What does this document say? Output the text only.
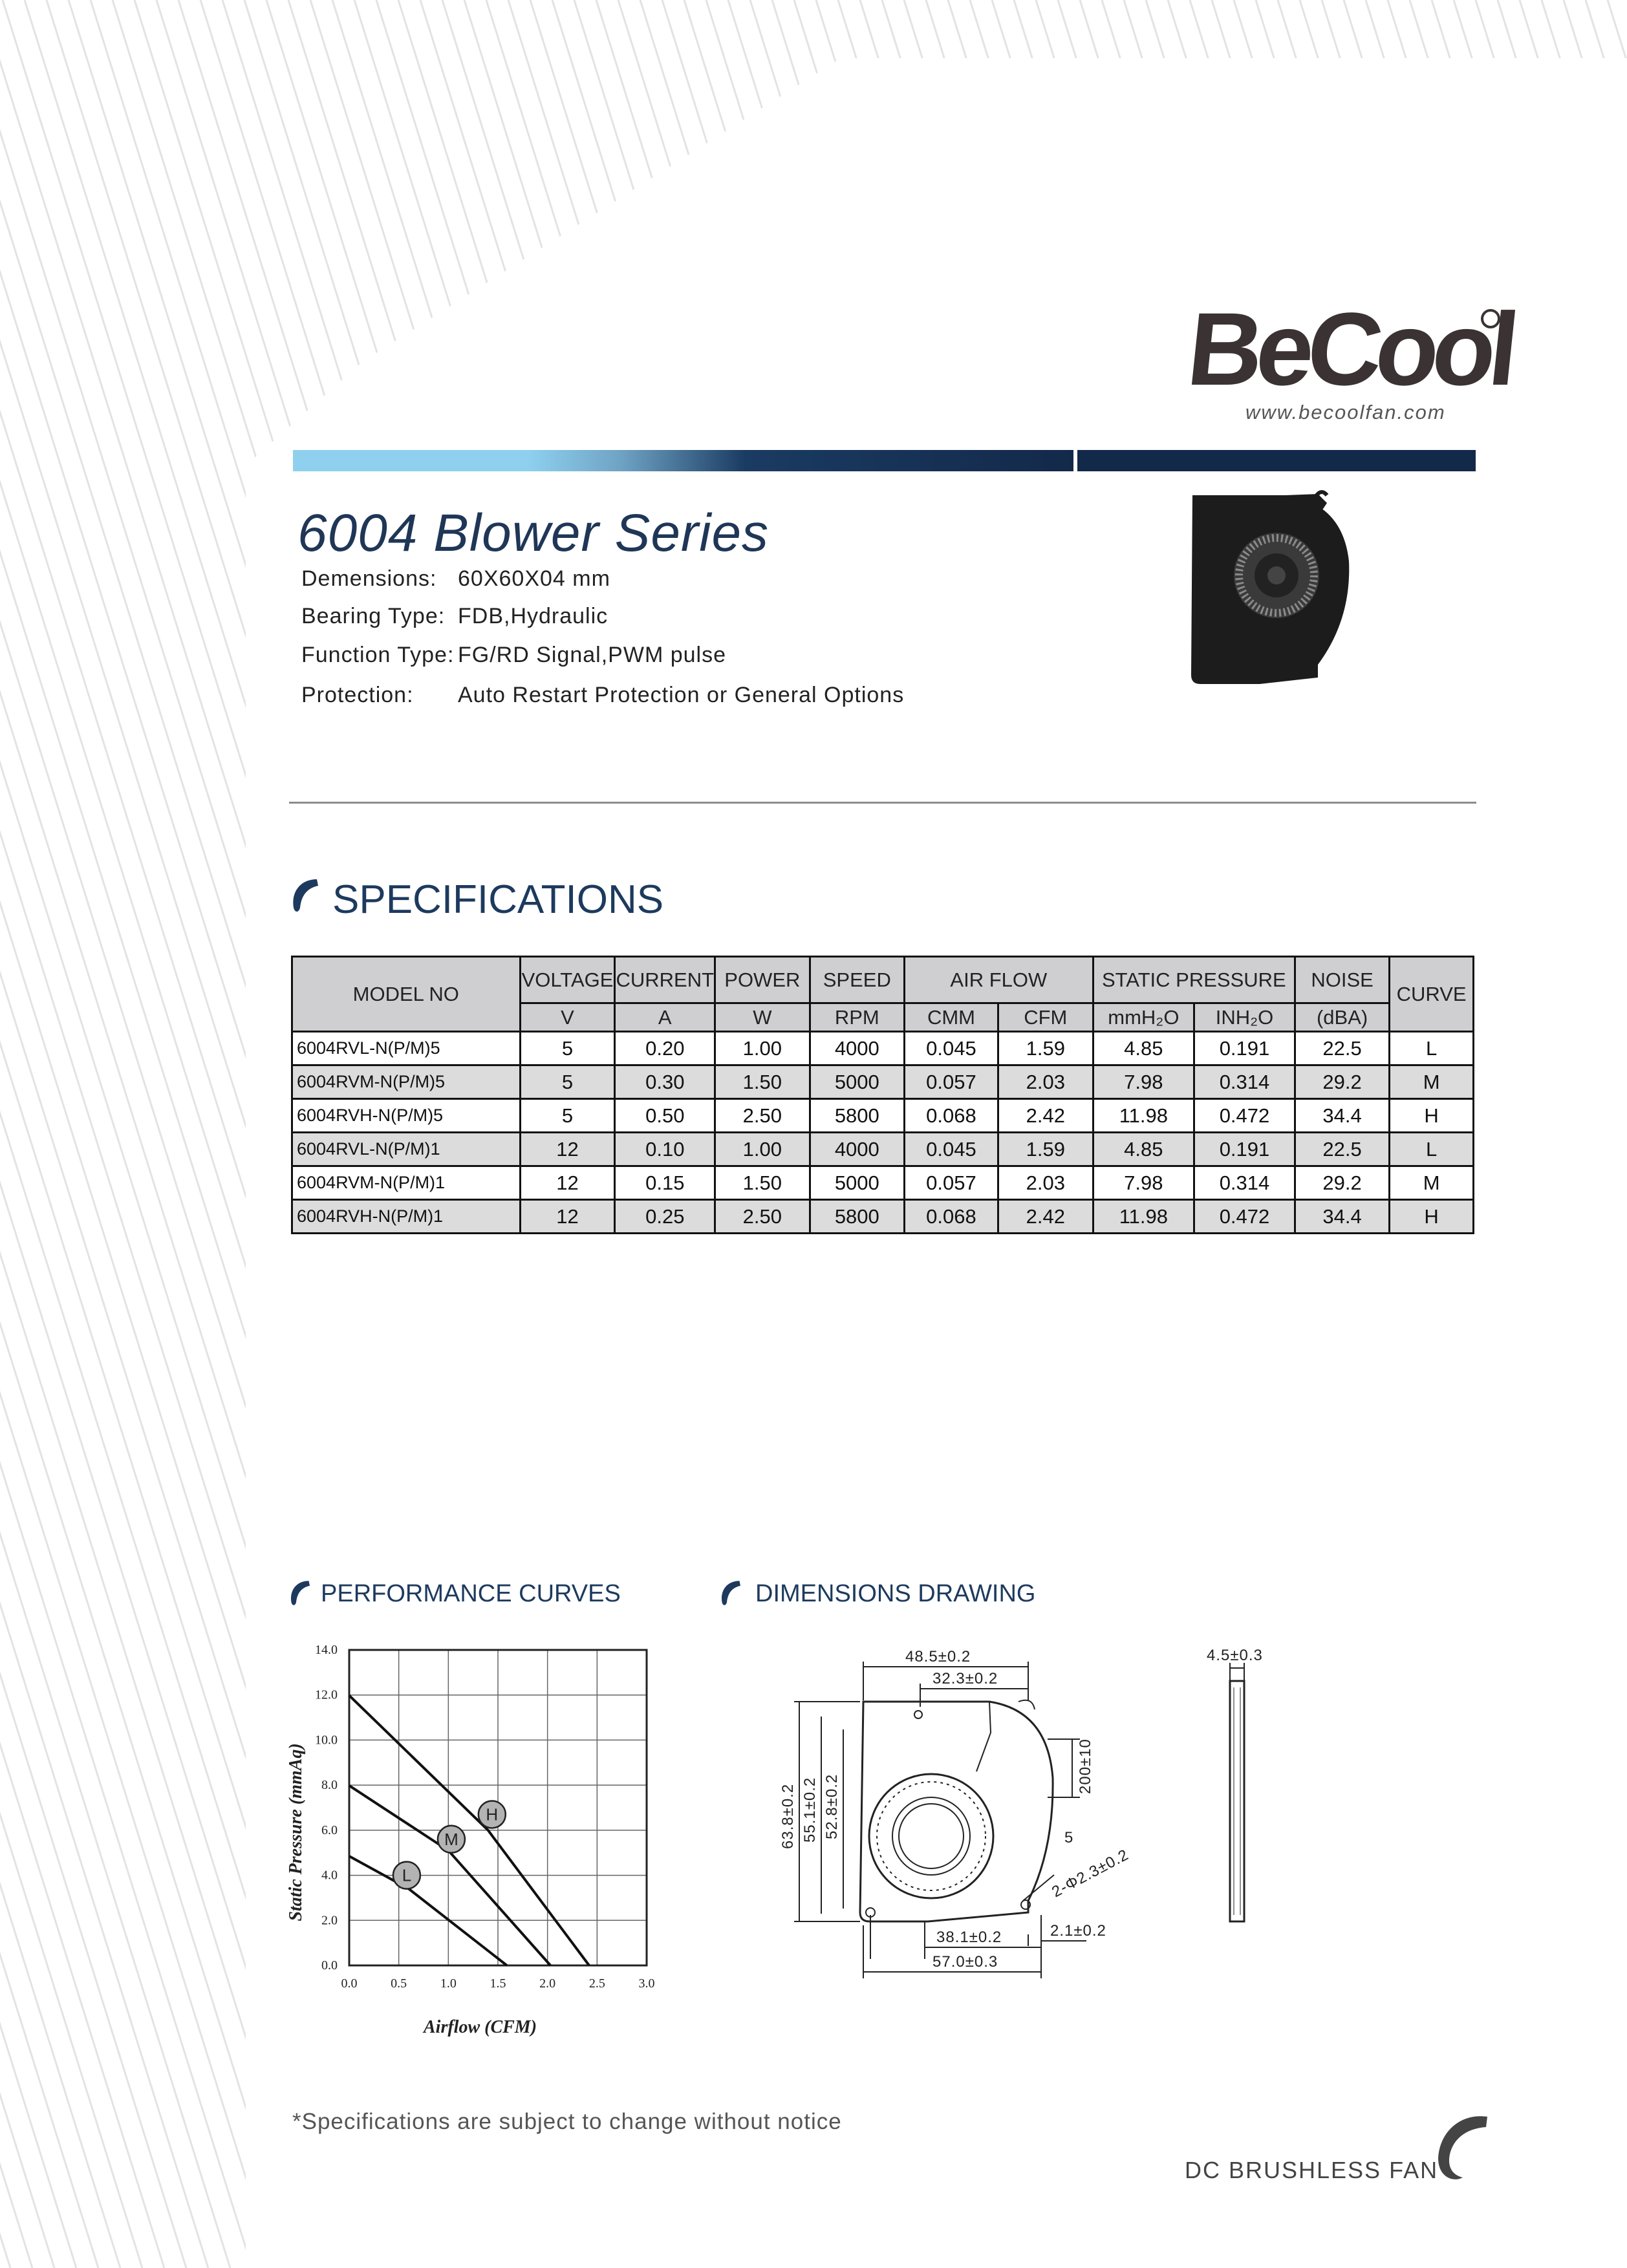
BeCool
www.becoolfan.com
6004 Blower Series
Demensions: 60X60X04 mm
Bearing Type: FDB,Hydraulic
Function Type: FG/RD Signal,PWM pulse
Protection: Auto Restart Protection or General Options
SPECIFICATIONS
MODEL NO	VOLTAGE	CURRENT	POWER	SPEED	AIR FLOW		STATIC PRESSURE		NOISE	CURVE
	V	A	W	RPM	CMM	CFM	mmH₂O	INH₂O	(dBA)	
6004RVL-N(P/M)5	5	0.20	1.00	4000	0.045	1.59	4.85	0.191	22.5	L
6004RVM-N(P/M)5	5	0.30	1.50	5000	0.057	2.03	7.98	0.314	29.2	M
6004RVH-N(P/M)5	5	0.50	2.50	5800	0.068	2.42	11.98	0.472	34.4	H
6004RVL-N(P/M)1	12	0.10	1.00	4000	0.045	1.59	4.85	0.191	22.5	L
6004RVM-N(P/M)1	12	0.15	1.50	5000	0.057	2.03	7.98	0.314	29.2	M
6004RVH-N(P/M)1	12	0.25	2.50	5800	0.068	2.42	11.98	0.472	34.4	H
PERFORMANCE CURVES	DIMENSIONS DRAWING
0.0	0.5	1.0	1.5	2.0	2.5	3.0
0.0
2.0
4.0
6.0
8.0
10.0
12.0
14.0
L
M
H
Airflow (CFM)
Static Pressure (mmAq)
48.5±0.2
32.3±0.2
63.8±0.2 55.1±0.2 52.8±0.2
200±10
5
2-Φ2.3±0.2
38.1±0.2
57.0±0.3
2.1±0.2
4.5±0.3
*Specifications are subject to change without notice
DC BRUSHLESS FAN
